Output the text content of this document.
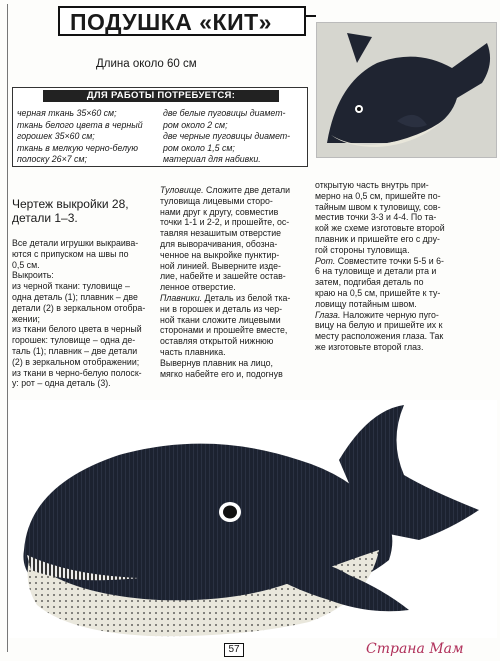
ПОДУШКА «КИТ»
Длина около 60 см
ДЛЯ РАБОТЫ ПОТРЕБУЕТСЯ:
черная ткань 35×60 см;
ткань белого цвета в черный
горошек 35×60 см;
ткань в мелкую черно-белую
полоску 26×7 см;
две белые пуговицы диамет-
ром около 2 см;
две черные пуговицы диамет-
ром около 1,5 см;
материал для набивки.
Чертеж выкройки 28, детали 1–3.
Все детали игрушки выкраива-
ются с припуском на швы по
0,5 см.
Выкроить:
из черной ткани: туловище –
одна деталь (1); плавник – две
детали (2) в зеркальном отобра-
жении;
из ткани белого цвета в черный
горошек: туловище – одна де-
таль (1); плавник – две детали
(2) в зеркальном отображении;
из ткани в черно-белую полоск-
у: рот – одна деталь (3).
Туловище. Сложите две детали
туловища лицевыми сторо-
нами друг к другу, совместив
точки 1-1 и 2-2, и прошейте, ос-
тавляя незашитым отверстие
для выворачивания, обозна-
ченное на выкройке пунктир-
ной линией. Выверните изде-
лие, набейте и зашейте остав-
ленное отверстие.
Плавники. Деталь из белой тка-
ни в горошек и деталь из чер-
ной ткани сложите лицевыми
сторонами и прошейте вместе,
оставляя открытой нижнюю
часть плавника.
Вывернув плавник на лицо,
мягко набейте его и, подогнув
открытую часть внутрь при-
мерно на 0,5 см, пришейте по-
тайным швом к туловищу, сов-
местив точки 3-3 и 4-4. По та-
кой же схеме изготовьте второй
плавник и пришейте его с дру-
гой стороны туловища.
Рот. Совместите точки 5-5 и 6-
6 на туловище и детали рта и
затем, подгибая деталь по
краю на 0,5 см, пришейте к ту-
ловищу потайным швом.
Глаза. Наложите черную пуго-
вицу на белую и пришейте их к
месту расположения глаза. Так
же изготовьте второй глаз.
57	Страна Мам
